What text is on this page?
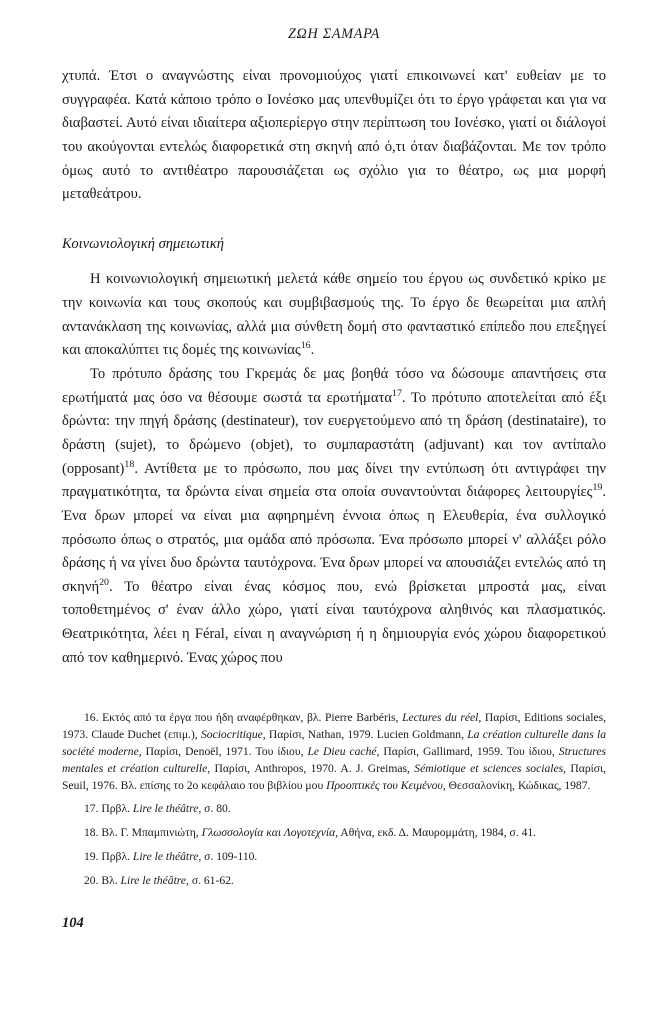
ΖΩΗ ΣΑΜΑΡΑ

χτυπά. Έτσι ο αναγνώστης είναι προνομιούχος γιατί επικοινωνεί κατ' ευθείαν με το συγγραφέα. Κατά κάποιο τρόπο ο Ιονέσκο μας υπενθυμίζει ότι το έργο γράφεται και για να διαβαστεί. Αυτό είναι ιδιαίτερα αξιοπερίεργο στην περίπτωση του Ιονέσκο, γιατί οι διάλογοί του ακούγονται εντελώς διαφορετικά στη σκηνή από ό,τι όταν διαβάζονται. Με τον τρόπο όμως αυτό το αντιθέατρο παρουσιάζεται ως σχόλιο για το θέατρο, ως μια μορφή μεταθεάτρου.

Κοινωνιολογική σημειωτική

Η κοινωνιολογική σημειωτική μελετά κάθε σημείο του έργου ως συνδετικό κρίκο με την κοινωνία και τους σκοπούς και συμβιβασμούς της. Το έργο δε θεωρείται μια απλή αντανάκλαση της κοινωνίας, αλλά μια σύνθετη δομή στο φανταστικό επίπεδο που επεξηγεί και αποκαλύπτει τις δομές της κοινωνίας$^{16}$.

Το πρότυπο δράσης του Γκρεμάς δε μας βοηθά τόσο να δώσουμε απαντήσεις στα ερωτήματά μας όσο να θέσουμε σωστά τα ερωτήματα$^{17}$. Το πρότυπο αποτελείται από έξι δρώντα: την πηγή δράσης (destinateur), τον ευεργετούμενο από τη δράση (destinataire), το δράστη (sujet), το δρώμενο (objet), το συμπαραστάτη (adjuvant) και τον αντίπαλο (opposant)$^{18}$. Αντίθετα με το πρόσωπο, που μας δίνει την εντύπωση ότι αντιγράφει την πραγματικότητα, τα δρώντα είναι σημεία στα οποία συναντούνται διάφορες λειτουργίες$^{19}$. Ένα δρων μπορεί να είναι μια αφηρημένη έννοια όπως η Ελευθερία, ένα συλλογικό πρόσωπο όπως ο στρατός, μια ομάδα από πρόσωπα. Ένα πρόσωπο μπορεί ν' αλλάξει ρόλο δράσης ή να γίνει δυο δρώντα ταυτόχρονα. Ένα δρων μπορεί να απουσιάζει εντελώς από τη σκηνή$^{20}$. Το θέατρο είναι ένας κόσμος που, ενώ βρίσκεται μπροστά μας, είναι τοποθετημένος σ' έναν άλλο χώρο, γιατί είναι ταυτόχρονα αληθινός και πλασματικός. Θεατρικότητα, λέει η Féral, είναι η αναγνώριση ή η δημιουργία ενός χώρου διαφορετικού από τον καθημερινό. Ένας χώρος που

16. Εκτός από τα έργα που ήδη αναφέρθηκαν, βλ. Pierre Barbéris, Lectures du réel, Παρίσι, Editions sociales, 1973. Claude Duchet (επιμ.), Sociocritique, Παρίσι, Nathan, 1979. Lucien Goldmann, La création culturelle dans la société moderne, Παρίσι, Denoël, 1971. Του ίδιου, Le Dieu caché, Παρίσι, Gallimard, 1959. Του ίδιου, Structures mentales et création culturelle, Παρίσι, Anthropos, 1970. A. J. Greimas, Sémiotique et sciences sociales, Παρίσι, Seuil, 1976. Βλ. επίσης το 2ο κεφάλαιο του βιβλίου μου Προοπτικές του Κειμένου, Θεσσαλονίκη, Κώδικας, 1987.
17. Πρβλ. Lire le théâtre, σ. 80.
18. Βλ. Γ. Μπαμπινιώτη, Γλωσσολογία και Λογοτεχνία, Αθήνα, εκδ. Δ. Μαυρομμάτη, 1984, σ. 41.
19. Πρβλ. Lire le théâtre, σ. 109-110.
20. Βλ. Lire le théâtre, σ. 61-62.
104
